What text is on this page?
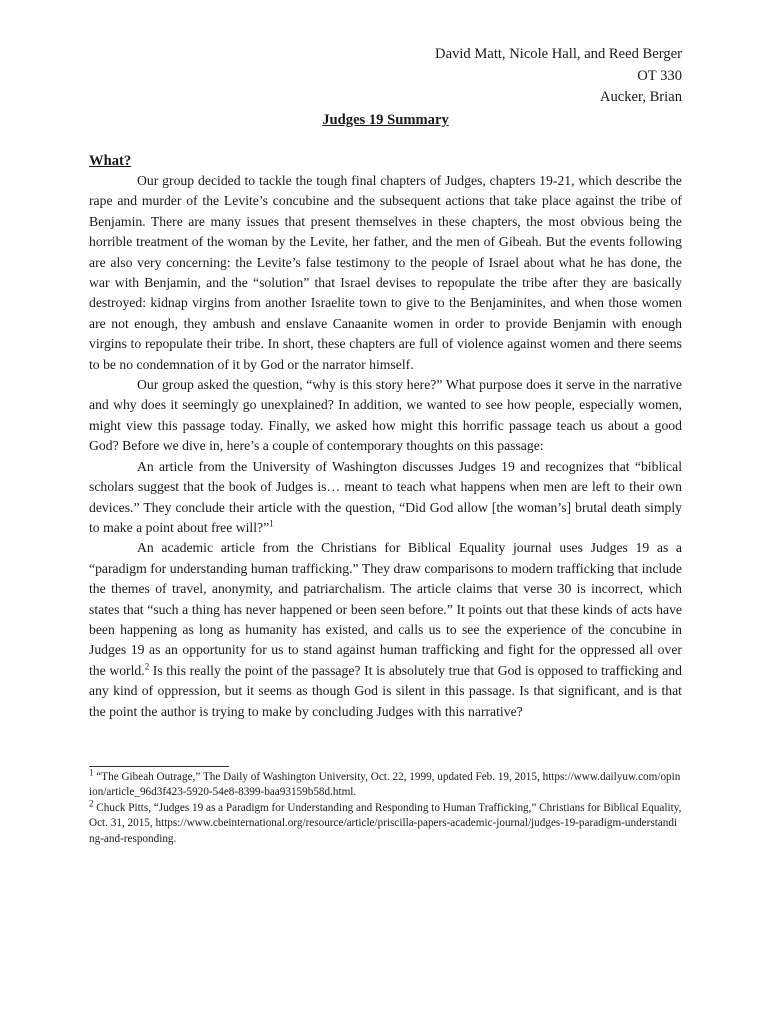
David Matt, Nicole Hall, and Reed Berger
OT 330
Aucker, Brian
Judges 19 Summary
What?

Our group decided to tackle the tough final chapters of Judges, chapters 19-21, which describe the rape and murder of the Levite’s concubine and the subsequent actions that take place against the tribe of Benjamin. There are many issues that present themselves in these chapters, the most obvious being the horrible treatment of the woman by the Levite, her father, and the men of Gibeah. But the events following are also very concerning: the Levite’s false testimony to the people of Israel about what he has done, the war with Benjamin, and the “solution” that Israel devises to repopulate the tribe after they are basically destroyed: kidnap virgins from another Israelite town to give to the Benjaminites, and when those women are not enough, they ambush and enslave Canaanite women in order to provide Benjamin with enough virgins to repopulate their tribe. In short, these chapters are full of violence against women and there seems to be no condemnation of it by God or the narrator himself.

Our group asked the question, “why is this story here?” What purpose does it serve in the narrative and why does it seemingly go unexplained? In addition, we wanted to see how people, especially women, might view this passage today. Finally, we asked how might this horrific passage teach us about a good God? Before we dive in, here’s a couple of contemporary thoughts on this passage:

An article from the University of Washington discusses Judges 19 and recognizes that “biblical scholars suggest that the book of Judges is… meant to teach what happens when men are left to their own devices.” They conclude their article with the question, “Did God allow [the woman’s] brutal death simply to make a point about free will?”$^1$

An academic article from the Christians for Biblical Equality journal uses Judges 19 as a “paradigm for understanding human trafficking.” They draw comparisons to modern trafficking that include the themes of travel, anonymity, and patriarchalism. The article claims that verse 30 is incorrect, which states that “such a thing has never happened or been seen before.” It points out that these kinds of acts have been happening as long as humanity has existed, and calls us to see the experience of the concubine in Judges 19 as an opportunity for us to stand against human trafficking and fight for the oppressed all over the world.$^2$ Is this really the point of the passage? It is absolutely true that God is opposed to trafficking and any kind of oppression, but it seems as though God is silent in this passage. Is that significant, and is that the point the author is trying to make by concluding Judges with this narrative?

$^1$ “The Gibeah Outrage,” The Daily of Washington University, Oct. 22, 1999, updated Feb. 19, 2015, https://www.dailyuw.com/opinion/article_96d3f423-5920-54e8-8399-baa93159b58d.html.

$^2$ Chuck Pitts, “Judges 19 as a Paradigm for Understanding and Responding to Human Trafficking,” Christians for Biblical Equality, Oct. 31, 2015, https://www.cbeinternational.org/resource/article/priscilla-papers-academic-journal/judges-19-paradigm-understanding-and-responding.
